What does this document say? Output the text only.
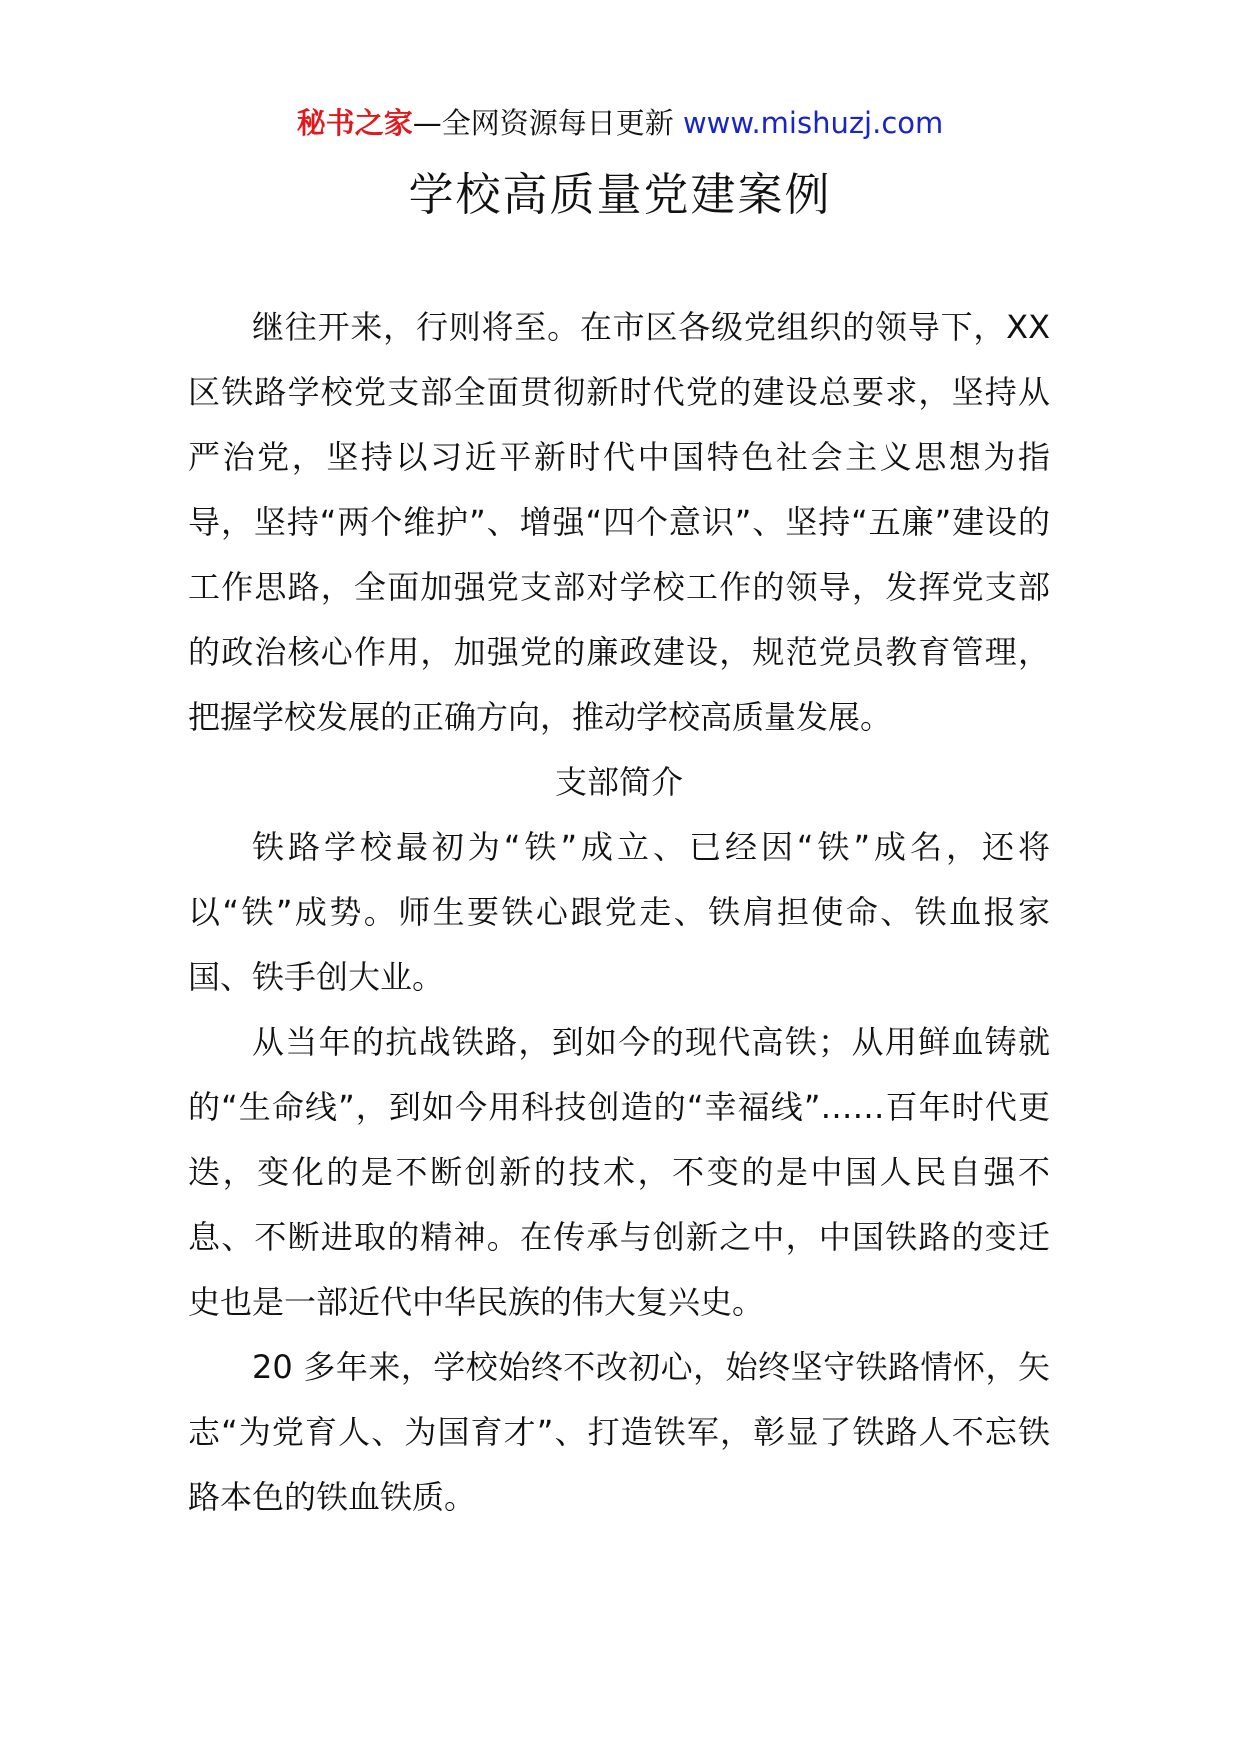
秘书之家—全网资源每日更新 www.mishuzj.com
学校高质量党建案例

继往开来，行则将至。在市区各级党组织的领导下，XX 区铁路学校党支部全面贯彻新时代党的建设总要求，坚持从严治党，坚持以习近平新时代中国特色社会主义思想为指导，坚持“两个维护”、增强“四个意识”、坚持“五廉”建设的工作思路，全面加强党支部对学校工作的领导，发挥党支部的政治核心作用，加强党的廉政建设，规范党员教育管理，把握学校发展的正确方向，推动学校高质量发展。

支部简介

铁路学校最初为“铁”成立、已经因“铁”成名，还将以“铁”成势。师生要铁心跟党走、铁肩担使命、铁血报家国、铁手创大业。

从当年的抗战铁路，到如今的现代高铁；从用鲜血铸就的“生命线”，到如今用科技创造的“幸福线”……百年时代更迭，变化的是不断创新的技术，不变的是中国人民自强不息、不断进取的精神。在传承与创新之中，中国铁路的变迁史也是一部近代中华民族的伟大复兴史。

20 多年来，学校始终不改初心，始终坚守铁路情怀，矢志“为党育人、为国育才”、打造铁军，彰显了铁路人不忘铁路本色的铁血铁质。
